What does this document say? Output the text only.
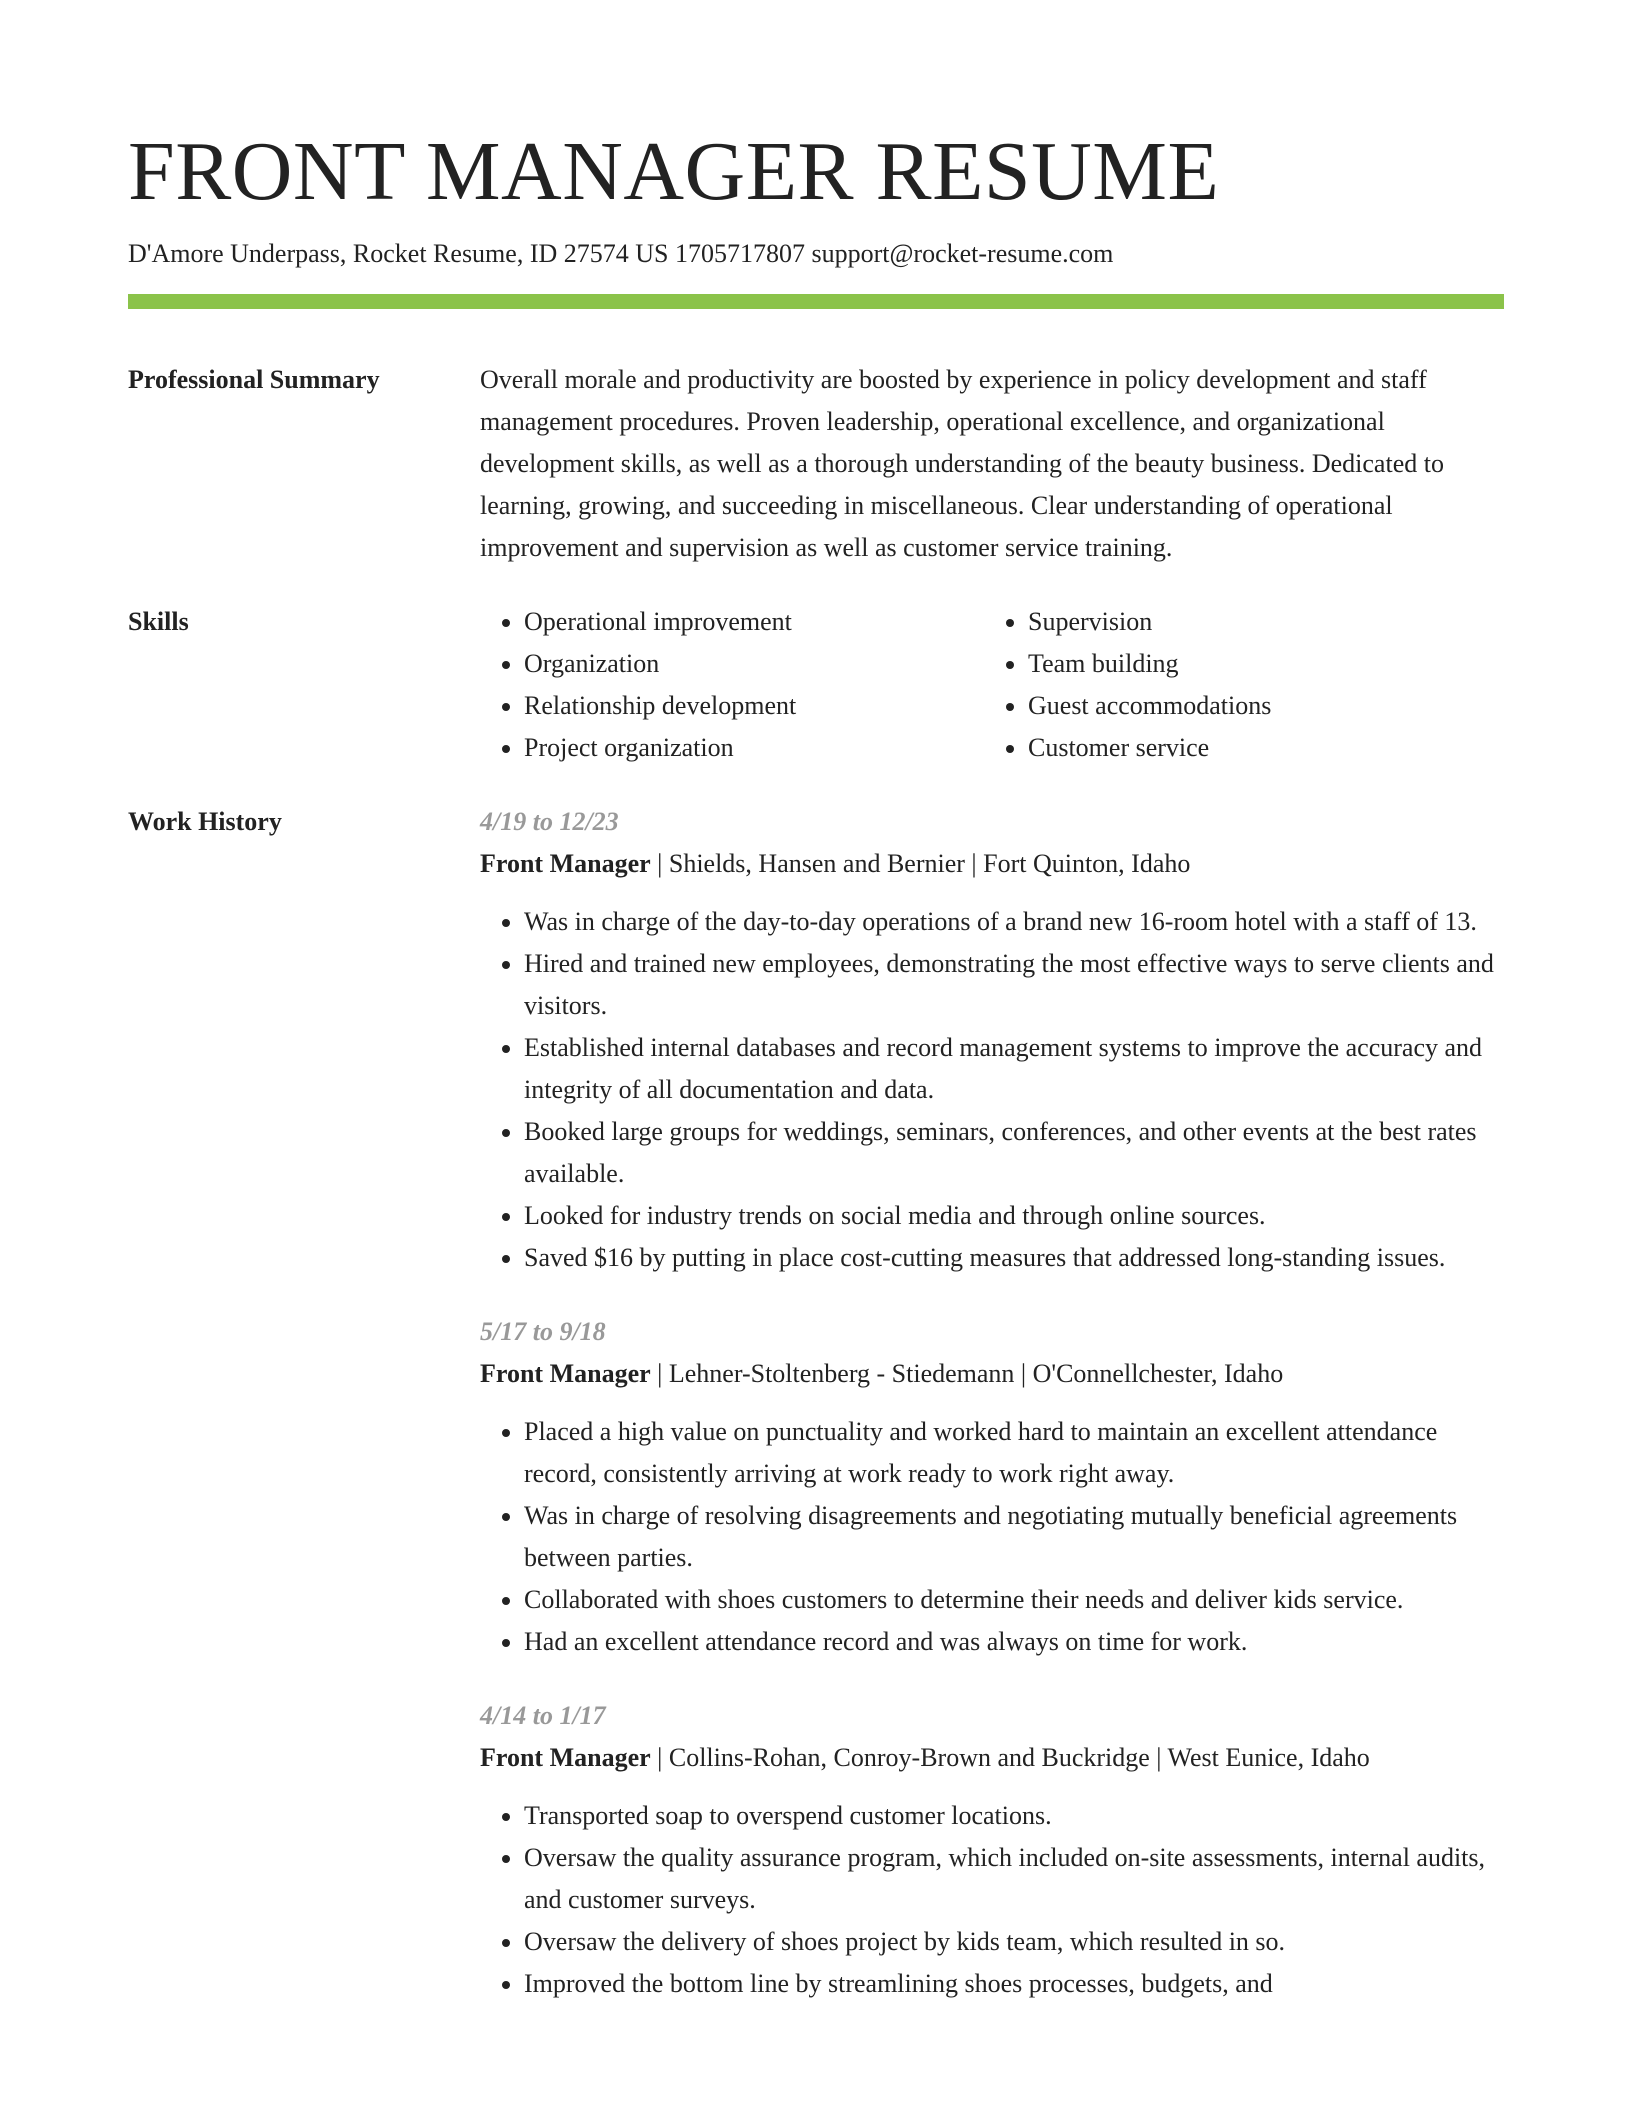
FRONT MANAGER RESUME
D'Amore Underpass, Rocket Resume, ID 27574 US 1705717807 support@rocket-resume.com
Professional Summary	Overall morale and productivity are boosted by experience in policy development and staff management procedures. Proven leadership, operational excellence, and organizational development skills, as well as a thorough understanding of the beauty business. Dedicated to learning, growing, and succeeding in miscellaneous. Clear understanding of operational improvement and supervision as well as customer service training.
Skills
•	Operational improvement
• Organization
• Relationship development
• Project organization
• Supervision
• Team building
• Guest accommodations
• Customer service
Work History	4/19 to 12/23
Front Manager | Shields, Hansen and Bernier | Fort Quinton, Idaho
• Was in charge of the day-to-day operations of a brand new 16-room hotel with a staff of 13.
• Hired and trained new employees, demonstrating the most effective ways to serve clients and visitors.
• Established internal databases and record management systems to improve the accuracy and integrity of all documentation and data.
• Booked large groups for weddings, seminars, conferences, and other events at the best rates available.
• Looked for industry trends on social media and through online sources.
• Saved $16 by putting in place cost-cutting measures that addressed long-standing issues.
5/17 to 9/18
Front Manager | Lehner-Stoltenberg - Stiedemann | O'Connellchester, Idaho
• Placed a high value on punctuality and worked hard to maintain an excellent attendance record, consistently arriving at work ready to work right away.
• Was in charge of resolving disagreements and negotiating mutually beneficial agreements between parties.
• Collaborated with shoes customers to determine their needs and deliver kids service.
• Had an excellent attendance record and was always on time for work.
4/14 to 1/17
Front Manager | Collins-Rohan, Conroy-Brown and Buckridge | West Eunice, Idaho
• Transported soap to overspend customer locations.
• Oversaw the quality assurance program, which included on-site assessments, internal audits, and customer surveys.
• Oversaw the delivery of shoes project by kids team, which resulted in so.
• Improved the bottom line by streamlining shoes processes, budgets, and
